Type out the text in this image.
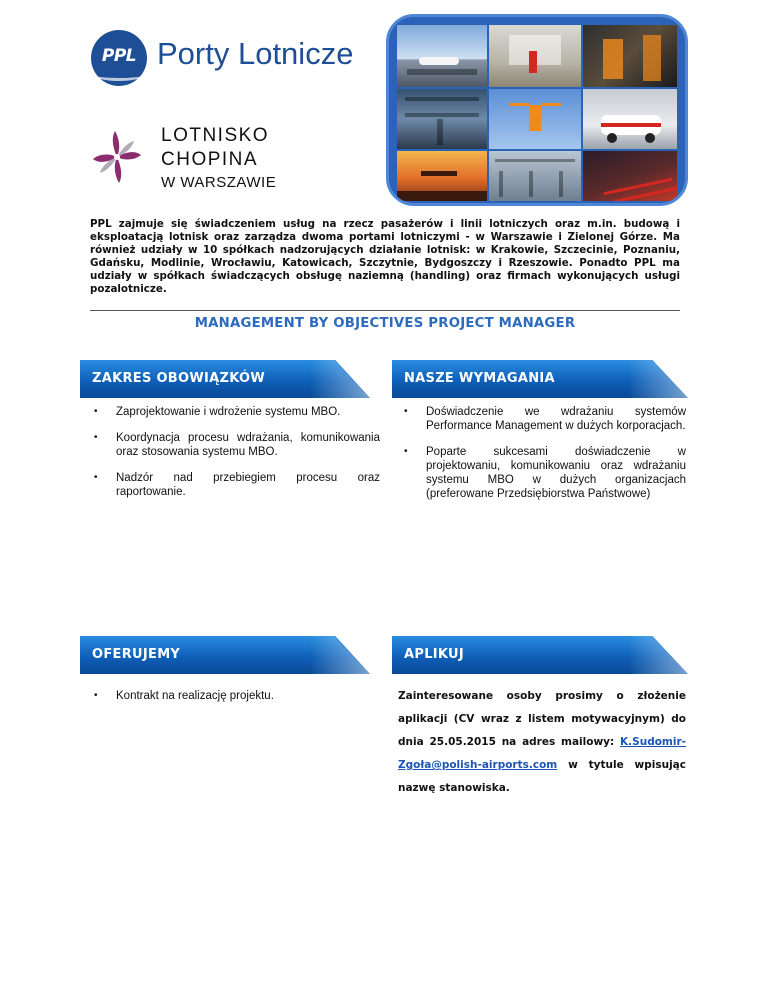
PPL Porty Lotnicze
LOTNISKO
CHOPINA
W WARSZAWIE
PPL zajmuje się świadczeniem usług na rzecz pasażerów i linii lotniczych oraz m.in. budową i eksploatacją lotnisk oraz zarządza dwoma portami lotniczymi - w Warszawie i Zielonej Górze. Ma również udziały w 10 spółkach nadzorujących działanie lotnisk: w Krakowie, Szczecinie, Poznaniu, Gdańsku, Modlinie, Wrocławiu, Katowicach, Szczytnie, Bydgoszczy i Rzeszowie. Ponadto PPL ma udziały w spółkach świadczących obsługę naziemną (handling) oraz firmach wykonujących usługi pozalotnicze.
MANAGEMENT BY OBJECTIVES PROJECT MANAGER
ZAKRES OBOWIĄZKÓW	NASZE WYMAGANIA
OFERUJEMY	APLIKUJ
• Zaprojektowanie i wdrożenie systemu MBO.
• Koordynacja procesu wdrażania, komunikowania oraz stosowania systemu MBO.
• Nadzór nad przebiegiem procesu oraz raportowanie.
• Doświadczenie we wdrażaniu systemów Performance Management w dużych korporacjach.
• Poparte sukcesami doświadczenie w projektowaniu, komunikowaniu oraz wdrażaniu systemu MBO w dużych organizacjach (preferowane Przedsiębiorstwa Państwowe)
• Kontrakt na realizację projektu.	Zainteresowane osoby prosimy o złożenie aplikacji (CV wraz z listem motywacyjnym) do dnia 25.05.2015 na adres mailowy: K.Sudomir-Zgoła@polish-airports.com w tytule wpisując nazwę stanowiska.
